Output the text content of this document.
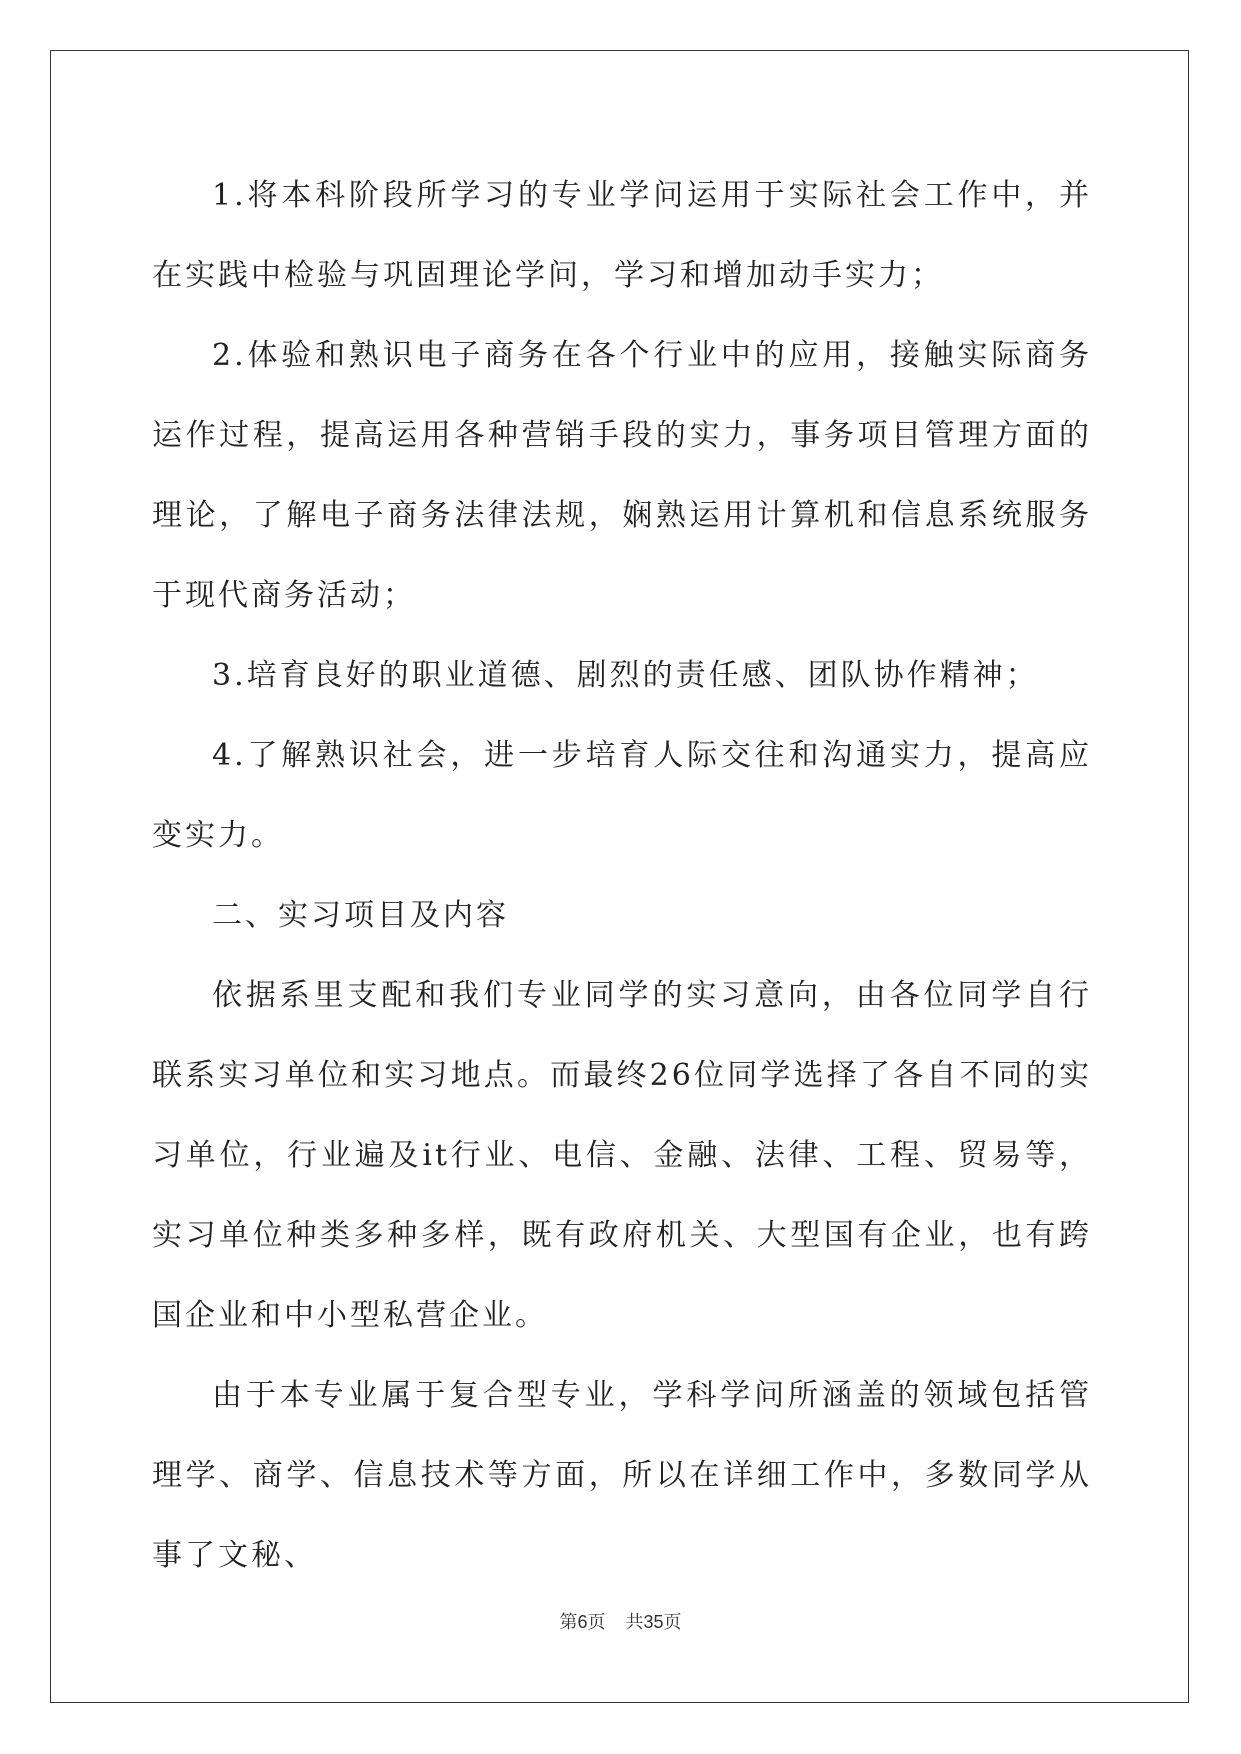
1.将本科阶段所学习的专业学问运用于实际社会工作中，并在实践中检验与巩固理论学问，学习和增加动手实力；

2.体验和熟识电子商务在各个行业中的应用，接触实际商务运作过程，提高运用各种营销手段的实力，事务项目管理方面的理论，了解电子商务法律法规，娴熟运用计算机和信息系统服务于现代商务活动；

3.培育良好的职业道德、剧烈的责任感、团队协作精神；

4.了解熟识社会，进一步培育人际交往和沟通实力，提高应变实力。

二、实习项目及内容

依据系里支配和我们专业同学的实习意向，由各位同学自行联系实习单位和实习地点。而最终26位同学选择了各自不同的实习单位，行业遍及it行业、电信、金融、法律、工程、贸易等，实习单位种类多种多样，既有政府机关、大型国有企业，也有跨国企业和中小型私营企业。

由于本专业属于复合型专业，学科学问所涵盖的领域包括管理学、商学、信息技术等方面，所以在详细工作中，多数同学从事了文秘、

第6页 共35页
